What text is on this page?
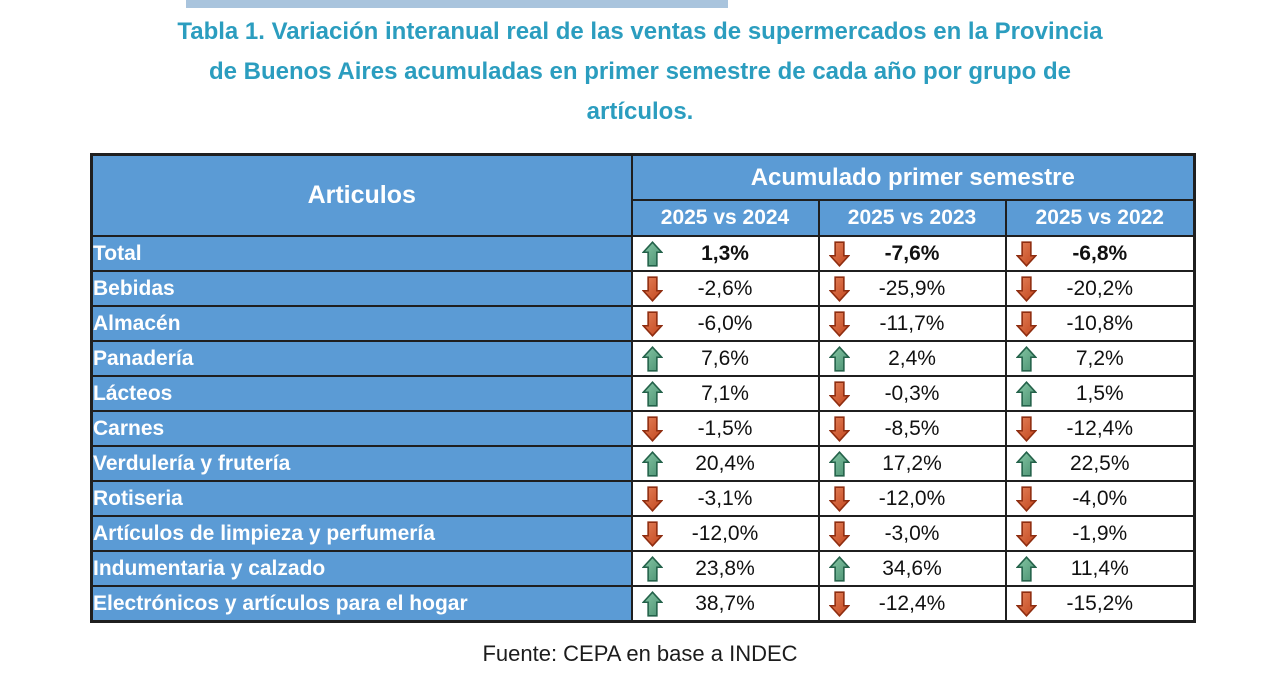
Tabla 1. Variación interanual real de las ventas de supermercados en la Provincia
de Buenos Aires acumuladas en primer semestre de cada año por grupo de
artículos.
Articulos	Acumulado primer semestre		
	2025 vs 2024	2025 vs 2023	2025 vs 2022
Total	1,3%	-7,6%	-6,8%
Bebidas	-2,6%	-25,9%	-20,2%
Almacén	-6,0%	-11,7%	-10,8%
Panadería	7,6%	2,4%	7,2%
Lácteos	7,1%	-0,3%	1,5%
Carnes	-1,5%	-8,5%	-12,4%
Verdulería y frutería	20,4%	17,2%	22,5%
Rotiseria	-3,1%	-12,0%	-4,0%
Artículos de limpieza y perfumería	-12,0%	-3,0%	-1,9%
Indumentaria y calzado	23,8%	34,6%	11,4%
Electrónicos y artículos para el hogar	38,7%	-12,4%	-15,2%
Fuente: CEPA en base a INDEC
